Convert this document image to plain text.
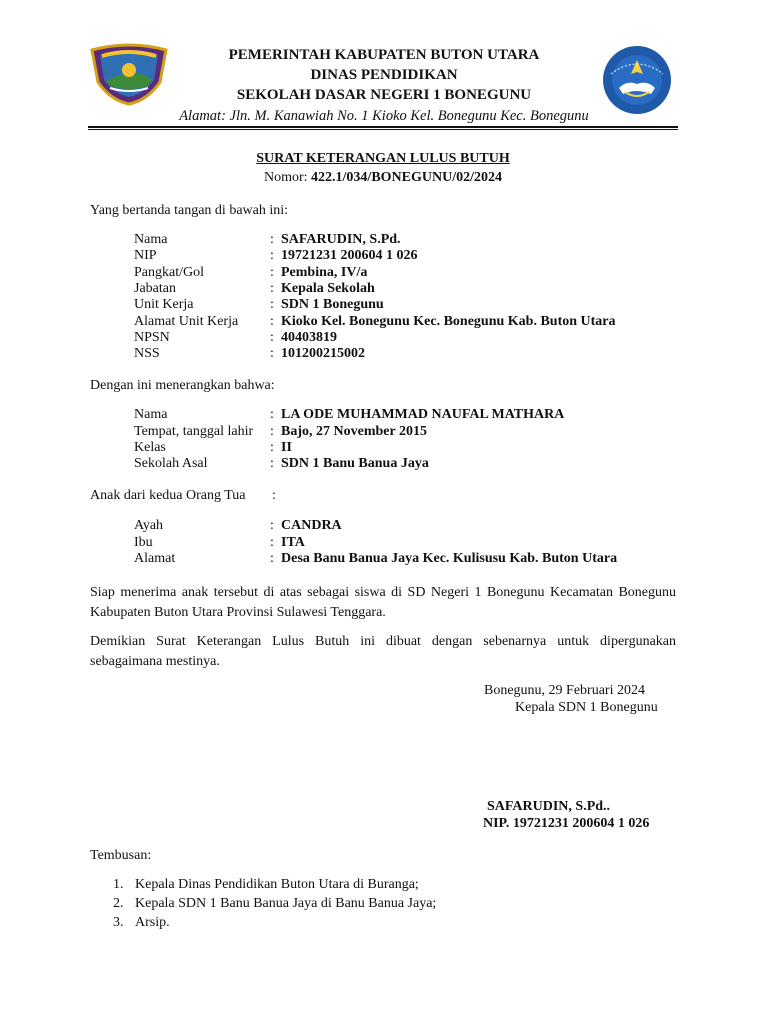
PEMERINTAH KABUPATEN BUTON UTARA
DINAS PENDIDIKAN
SEKOLAH DASAR NEGERI 1 BONEGUNU
Alamat: Jln. M. Kanawiah No. 1 Kioko Kel. Bonegunu Kec. Bonegunu
SURAT KETERANGAN LULUS BUTUH
Nomor: 422.1/034/BONEGUNU/02/2024
Yang bertanda tangan di bawah ini:
Nama	: SAFARUDIN, S.Pd.
NIP	: 19721231 200604 1 026
Pangkat/Gol	: Pembina, IV/a
Jabatan	: Kepala Sekolah
Unit Kerja	: SDN 1 Bonegunu
Alamat Unit Kerja : Kioko Kel. Bonegunu Kec. Bonegunu Kab. Buton Utara
NPSN	: 40403819
NSS	: 101200215002
Dengan ini menerangkan bahwa:
Nama	: LA ODE MUHAMMAD NAUFAL MATHARA
Tempat, tanggal lahir : Bajo, 27 November 2015
Kelas	: II
Sekolah Asal	: SDN 1 Banu Banua Jaya
Anak dari kedua Orang Tua :
Ayah	: CANDRA
Ibu	: ITA
Alamat	: Desa Banu Banua Jaya Kec. Kulisusu Kab. Buton Utara
Siap menerima anak tersebut di atas sebagai siswa di SD Negeri 1 Bonegunu Kecamatan Bonegunu Kabupaten Buton Utara Provinsi Sulawesi Tenggara.
Demikian Surat Keterangan Lulus Butuh ini dibuat dengan sebenarnya untuk dipergunakan sebagaimana mestinya.
Bonegunu, 29 Februari 2024
Kepala SDN 1 Bonegunu
SAFARUDIN, S.Pd..
NIP. 19721231 200604 1 026
Tembusan:
1. Kepala Dinas Pendidikan Buton Utara di Buranga;
2. Kepala SDN 1 Banu Banua Jaya di Banu Banua Jaya;
3. Arsip.
